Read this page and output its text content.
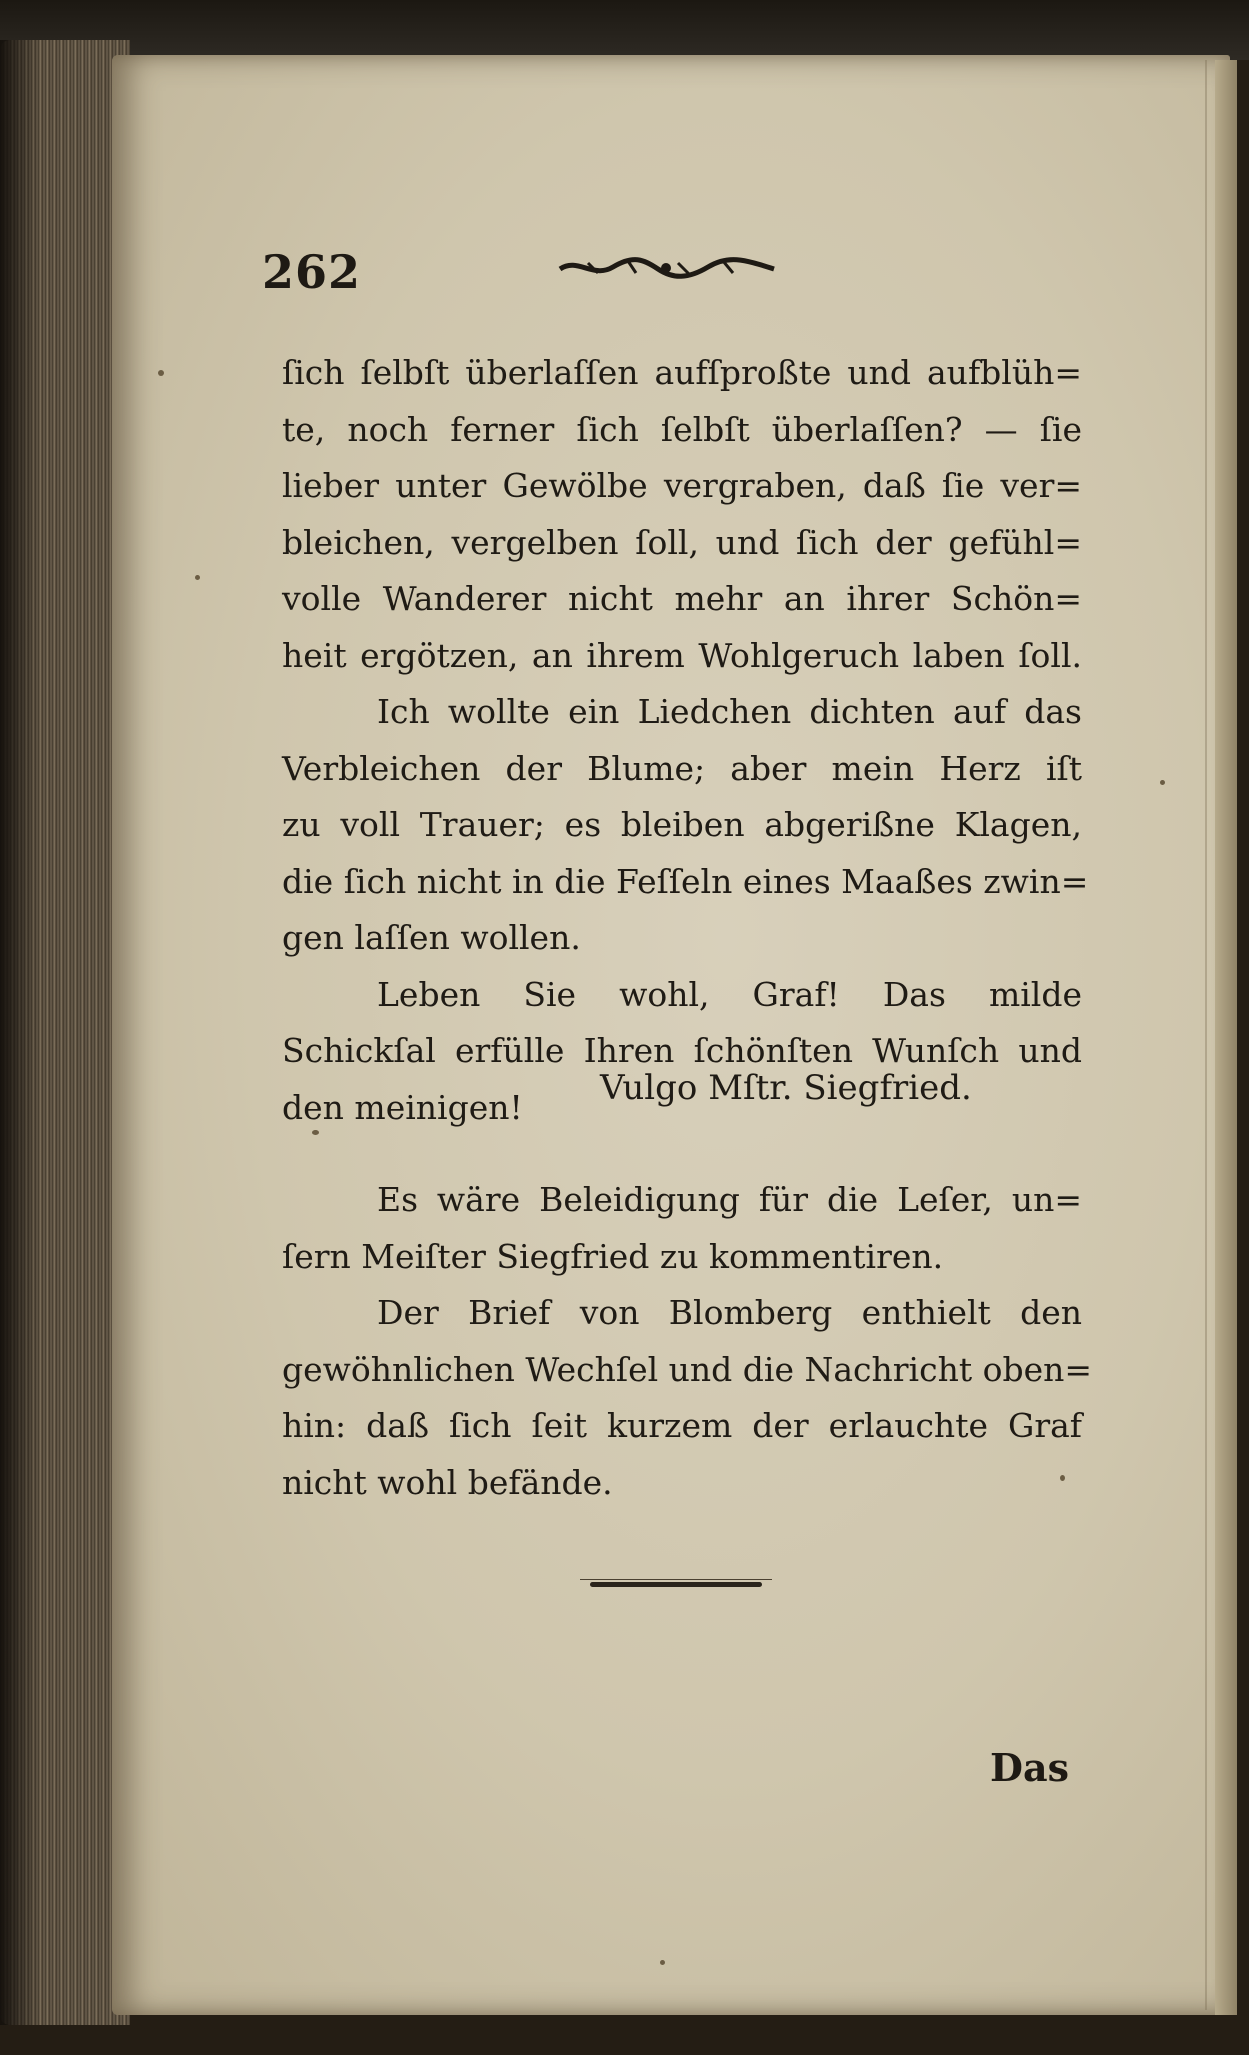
262
ſich ſelbſt überlaſſen aufſproßte und aufblüh=
te, noch ferner ſich ſelbſt überlaſſen? — ſie
lieber unter Gewölbe vergraben, daß ſie ver=
bleichen, vergelben ſoll, und ſich der gefühl=
volle Wanderer nicht mehr an ihrer Schön=
heit ergötzen, an ihrem Wohlgeruch laben ſoll.
Ich wollte ein Liedchen dichten auf das
Verbleichen der Blume; aber mein Herz iſt
zu voll Trauer; es bleiben abgerißne Klagen,
die ſich nicht in die Feſſeln eines Maaßes zwin=
gen laſſen wollen.
Leben Sie wohl, Graf! Das milde
Schickſal erfülle Ihren ſchönſten Wunſch und
den meinigen!	Vulgo Mſtr. Siegfried.
Es wäre Beleidigung für die Leſer, un=
ſern Meiſter Siegfried zu kommentiren.
Der Brief von Blomberg enthielt den
gewöhnlichen Wechſel und die Nachricht oben=
hin: daß ſich ſeit kurzem der erlauchte Graf
nicht wohl befände.
Das
